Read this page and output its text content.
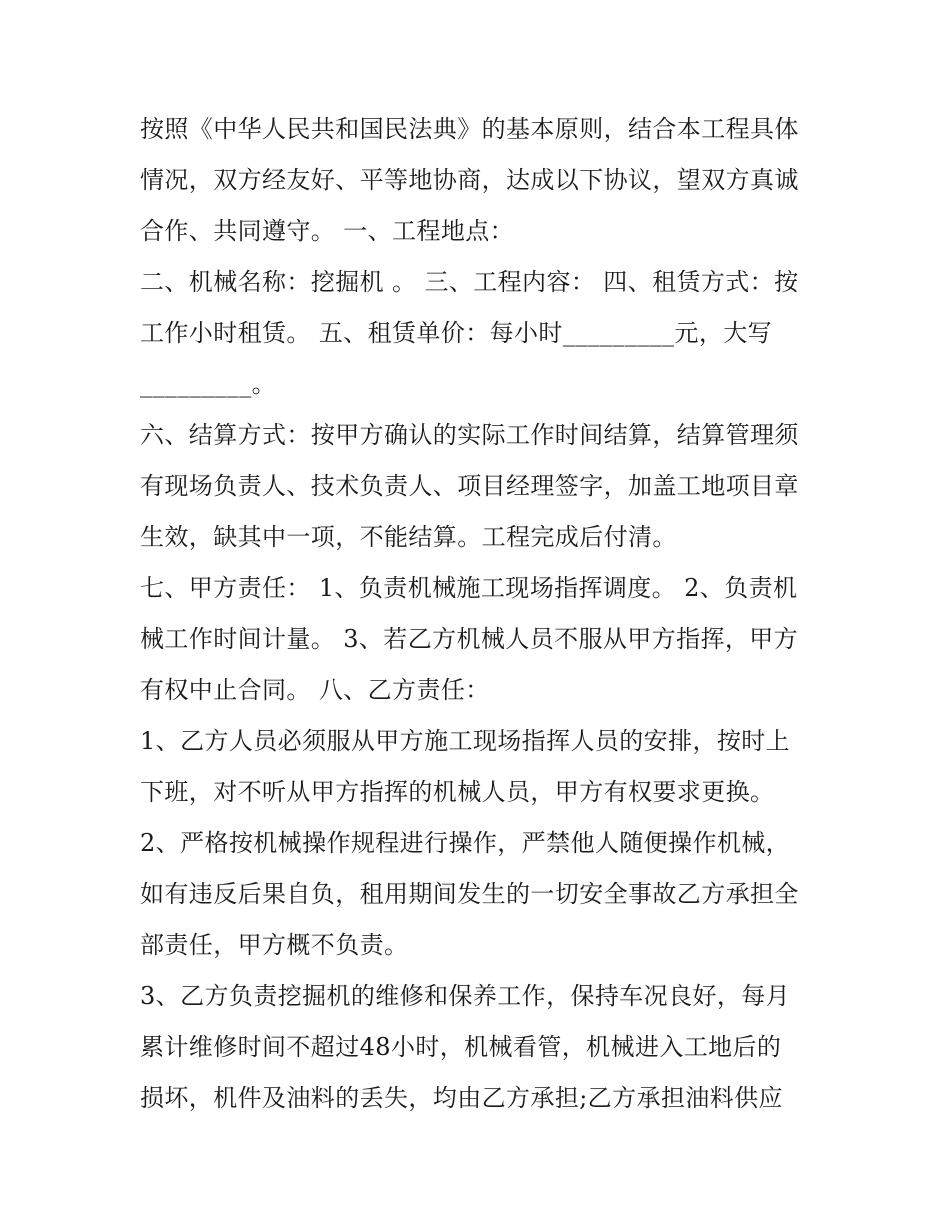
按照《中华人民共和国民法典》的基本原则，结合本工程具体
情况，双方经友好、平等地协商，达成以下协议，望双方真诚
合作、共同遵守。 一、工程地点：
二、机械名称：挖掘机 。 三、工程内容： 四、租赁方式：按
工作小时租赁。 五、租赁单价：每小时_________元，大写
_________。
六、结算方式：按甲方确认的实际工作时间结算，结算管理须
有现场负责人、技术负责人、项目经理签字，加盖工地项目章
生效，缺其中一项，不能结算。工程完成后付清。
七、甲方责任： 1、负责机械施工现场指挥调度。 2、负责机
械工作时间计量。 3、若乙方机械人员不服从甲方指挥，甲方
有权中止合同。 八、乙方责任：
1、乙方人员必须服从甲方施工现场指挥人员的安排，按时上
下班，对不听从甲方指挥的机械人员，甲方有权要求更换。
2、严格按机械操作规程进行操作，严禁他人随便操作机械，
如有违反后果自负，租用期间发生的一切安全事故乙方承担全
部责任，甲方概不负责。
3、乙方负责挖掘机的维修和保养工作，保持车况良好，每月
累计维修时间不超过48小时，机械看管，机械进入工地后的
损坏，机件及油料的丢失，均由乙方承担;乙方承担油料供应
